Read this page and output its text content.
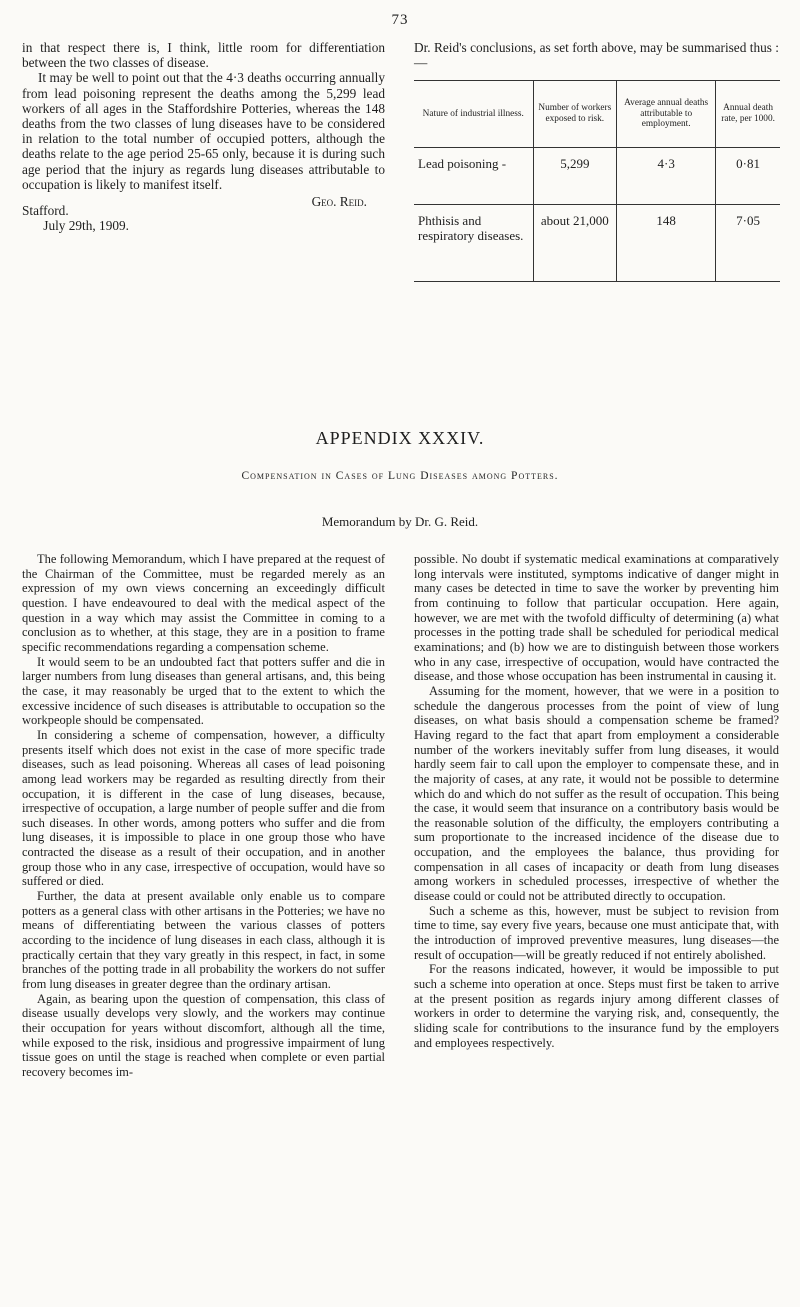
73

in that respect there is, I think, little room for differentiation between the two classes of disease.

It may be well to point out that the 4·3 deaths occurring annually from lead poisoning represent the deaths among the 5,299 lead workers of all ages in the Staffordshire Potteries, whereas the 148 deaths from the two classes of lung diseases have to be considered in relation to the total number of occupied potters, although the deaths relate to the age period 25-65 only, because it is during such age period that the injury as regards lung diseases attributable to occupation is likely to manifest itself.

Geo. Reid.

Stafford.

July 29th, 1909.

Dr. Reid's conclusions, as set forth above, may be summarised thus :—

Nature of industrial illness.	Number of workers exposed to risk.	Average annual deaths attributable to employment.	Annual death rate, per 1000.
Lead poisoning -	5,299	4·3	0·81
Phthisis and respiratory diseases.	about 21,000	148	7·05
APPENDIX XXXIV.
Compensation in Cases of Lung Diseases among Potters.
Memorandum by Dr. G. Reid.

The following Memorandum, which I have prepared at the request of the Chairman of the Committee, must be regarded merely as an expression of my own views concerning an exceedingly difficult question. I have endeavoured to deal with the medical aspect of the question in a way which may assist the Committee in coming to a conclusion as to whether, at this stage, they are in a position to frame specific recommendations regarding a compensation scheme.

It would seem to be an undoubted fact that potters suffer and die in larger numbers from lung diseases than general artisans, and, this being the case, it may reasonably be urged that to the extent to which the excessive incidence of such diseases is attributable to occupation so the workpeople should be compensated.

In considering a scheme of compensation, however, a difficulty presents itself which does not exist in the case of more specific trade diseases, such as lead poisoning. Whereas all cases of lead poisoning among lead workers may be regarded as resulting directly from their occupation, it is different in the case of lung diseases, because, irrespective of occupation, a large number of people suffer and die from such diseases. In other words, among potters who suffer and die from lung diseases, it is impossible to place in one group those who have contracted the disease as a result of their occupation, and in another group those who in any case, irrespective of occupation, would have so suffered or died.

Further, the data at present available only enable us to compare potters as a general class with other artisans in the Potteries; we have no means of differentiating between the various classes of potters according to the incidence of lung diseases in each class, although it is practically certain that they vary greatly in this respect, in fact, in some branches of the potting trade in all probability the workers do not suffer from lung diseases in greater degree than the ordinary artisan.

Again, as bearing upon the question of compensation, this class of disease usually develops very slowly, and the workers may continue their occupation for years without discomfort, although all the time, while exposed to the risk, insidious and progressive impairment of lung tissue goes on until the stage is reached when complete or even partial recovery becomes im-

possible. No doubt if systematic medical examinations at comparatively long intervals were instituted, symptoms indicative of danger might in many cases be detected in time to save the worker by preventing him from continuing to follow that particular occupation. Here again, however, we are met with the twofold difficulty of determining (a) what processes in the potting trade shall be scheduled for periodical medical examinations; and (b) how we are to distinguish between those workers who in any case, irrespective of occupation, would have contracted the disease, and those whose occupation has been instrumental in causing it.

Assuming for the moment, however, that we were in a position to schedule the dangerous processes from the point of view of lung diseases, on what basis should a compensation scheme be framed? Having regard to the fact that apart from employment a considerable number of the workers inevitably suffer from lung diseases, it would hardly seem fair to call upon the employer to compensate these, and in the majority of cases, at any rate, it would not be possible to determine which do and which do not suffer as the result of occupation. This being the case, it would seem that insurance on a contributory basis would be the reasonable solution of the difficulty, the employers contributing a sum proportionate to the increased incidence of the disease due to occupation, and the employees the balance, thus providing for compensation in all cases of incapacity or death from lung diseases among workers in scheduled processes, irrespective of whether the disease could or could not be attributed directly to occupation.

Such a scheme as this, however, must be subject to revision from time to time, say every five years, because one must anticipate that, with the introduction of improved preventive measures, lung diseases—the result of occupation—will be greatly reduced if not entirely abolished.

For the reasons indicated, however, it would be impossible to put such a scheme into operation at once. Steps must first be taken to arrive at the present position as regards injury among different classes of workers in order to determine the varying risk, and, consequently, the sliding scale for contributions to the insurance fund by the employers and employees respectively.
